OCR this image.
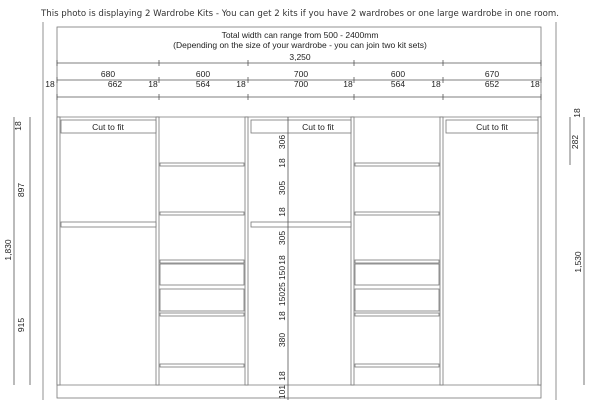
This photo is displaying 2 Wardrobe Kits - You can get 2 kits if you have 2 wardrobes or one large wardrobe in one room.
Total width can range from 500 - 2400mm
(Depending on the size of your wardrobe - you can join two kit sets)
3,250
680	600	700	600	670
662	564	700	564	652
18	18	18	18	18	18
Cut to fit	Cut to fit	Cut to fit
306
18
305
18
305
18
150
25
150
18
380
18
101
18
897
1,830
915
18
282
1,530
